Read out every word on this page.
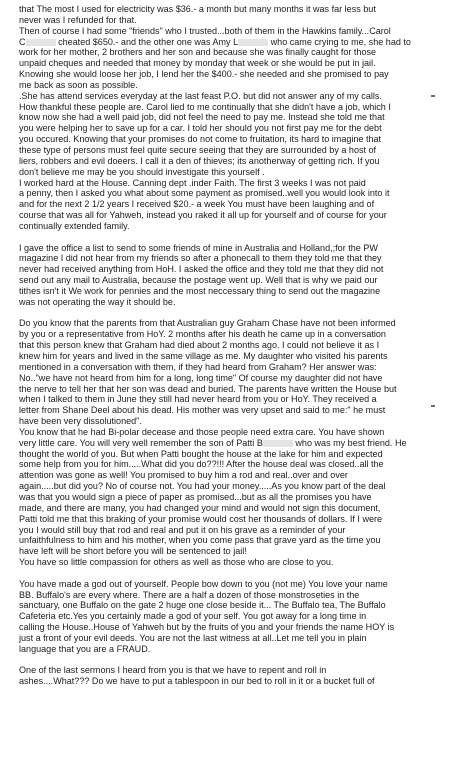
that The most I used for electricity was $36.- a month but many months it was far less but

never was I refunded for that.

Then of course I had some "friends" who I trusted...both of them in the Hawkins family...Carol

C	cheated $650.- and the other one was Amy L	who came crying to me, she had to

work for her mother, 2 brothers and her son and because she was finally caught for those

unpaid cheques and needed that money by monday that week or she would be put in jail.

Knowing she would loose her job, I lend her the $400.- she needed and she promised to pay

me back as soon as possible.

.She has attend services everyday at the last feast P.O. but did not answer any of my calls.

How thankful these people are. Carol lied to me continually that she didn't have a job, which I

know now she had a well paid job, did not feel the need to pay me. Instead she told me that

you were helping her to save up for a car. I told her should you not first pay me for the debt

you occured. Knowing that your promises do not come to fruitation, its hard to imagine that

these type of persons must feel quite secure seeing that they are surrounded by a host of

liers, robbers and evil doeers. I call it a den of thieves; its anotherway of getting rich. If you

don't believe me may be you should investigate this yourself .

I worked hard at the House. Canning dept .inder Faith. The first 3 weeks I was not paid

a penny, then I asked you what about some payment as promised..well you would look into it

and for the next 2 1/2 years I received $20.- a week You must have been laughing and of

course that was all for Yahweh, instead you raked it all up for yourself and of course for your

continually extended family.

I gave the office a list to send to some friends of mine in Australia and Holland,;for the PW

magazine I did not hear from my friends so after a phonecall to them they told me that they

never had received anything from HoH. I asked the office and they told me that they did not

send out any mail to Australia, because the postage went up. Well that is why we paid our

tithes isn't it We work for pennies and the most neccessary thing to send out the magazine

was not operating the way it should be.

Do you know that the parents from that Australian guy Graham Chase have not been informed

by you or a representative from HoY. 2 months after his death he came up in a conversation

that this person knew that Graham had died about 2 months ago. I could not believe it as I

knew him for years and lived in the same village as me. My daughter who visited his parents

mentioned in a conversation with them, if they had heard from Graham? Her answer was:

No.."we have not heard from him for a long, long time" Of course my daughter did not have

the nerve to tell her that her son was dead and buried. The parents have written the House but

when I talked to them in June they still had never heard from you or HoY. They received a

letter from Shane Deel about his dead. His mother was very upset and said to me:" he must

have been very dissolutioned".

You know that he had Bi-polar decease and those people need extra care. You have shown

very little care. You will very well remember the son of Patti B	who was my best friend. He

thought the world of you. But when Patti bought the house at the lake for him and expected

some help from you for him.....What did you do??!!! After the house deal was closed..all the

attention was gone as well! You promised to buy him a rod and real..over and over

again.....but did you? No of course not. You had your money.....As you know part of the deal

was that you would sign a piece of paper as promised...but as all the promises you have

made, and there are many, you had changed your mind and would not sign this document,

Patti told me that this braking of your promise would cost her thousands of dollars. If I were

you I would still buy that rod and real and put it on his grave as a reminder of your

unfaithfulness to him and his mother, when you come pass that grave yard as the time you

have left will be short before you will be sentenced to jail!

You have so little compassion for others as well as those who are close to you.

You have made a god out of yourself. People bow down to you (not me) You love your name

BB. Buffalo's are every where. There are a half a dozen of those monstroseties in the

sanctuary, one Buffalo on the gate 2 huge one close beside it... The Buffalo tea, The Buffalo

Cafeteria etc.Yes you certainly made a god of your self. You got away for a long time in

calling the House..House of Yahweh but by the fruits of you and your friends the name HOY is

just a front of your evil deeds. You are not the last witness at all..Let me tell you in plain

language that you are a FRAUD.

One of the last sermons I heard from you is that we have to repent and roll in

ashes....What??? Do we have to put a tablespoon in our bed to roll in it or a bucket full of
